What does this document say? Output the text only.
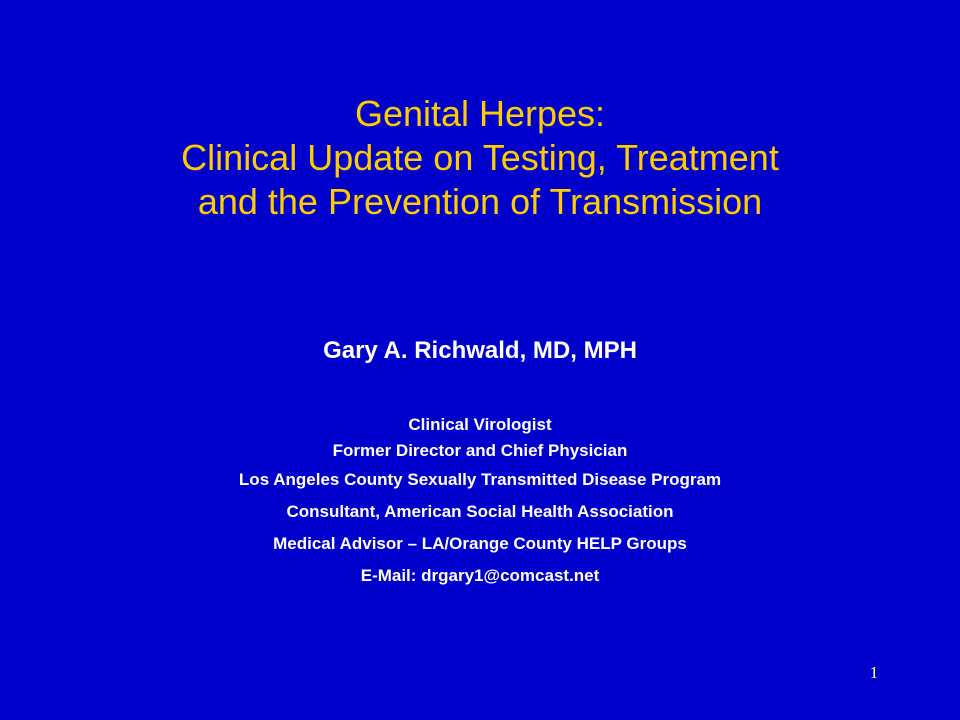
Genital Herpes:
Clinical Update on Testing, Treatment
and the Prevention of Transmission
Gary A. Richwald, MD, MPH
Clinical Virologist
Former Director and Chief Physician
Los Angeles County Sexually Transmitted Disease Program
Consultant, American Social Health Association
Medical Advisor – LA/Orange County HELP Groups
E-Mail: drgary1@comcast.net
1
